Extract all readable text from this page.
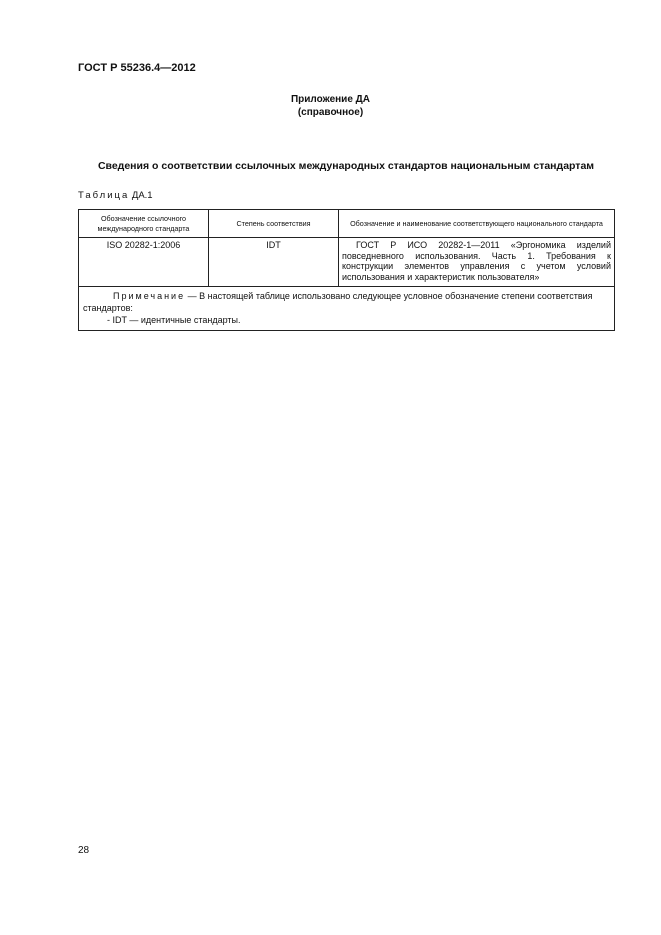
ГОСТ Р 55236.4—2012
Приложение ДА
(справочное)
Сведения о соответствии ссылочных международных стандартов национальным стандартам
Таблица ДА.1
Обозначение ссылочного международного стандарта	Степень соответствия	Обозначение и наименование соответствующего национального стандарта
ISO 20282-1:2006	IDT	ГОСТ Р ИСО 20282-1—2011 «Эргономика изделий повседневного использования. Часть 1. Требования к конструкции элементов управления с учетом условий использования и характеристик пользователя»

Примечание — В настоящей таблице использовано следующее условное обозначение степени соответствия стандартов:
- IDT — идентичные стандарты.		
28
